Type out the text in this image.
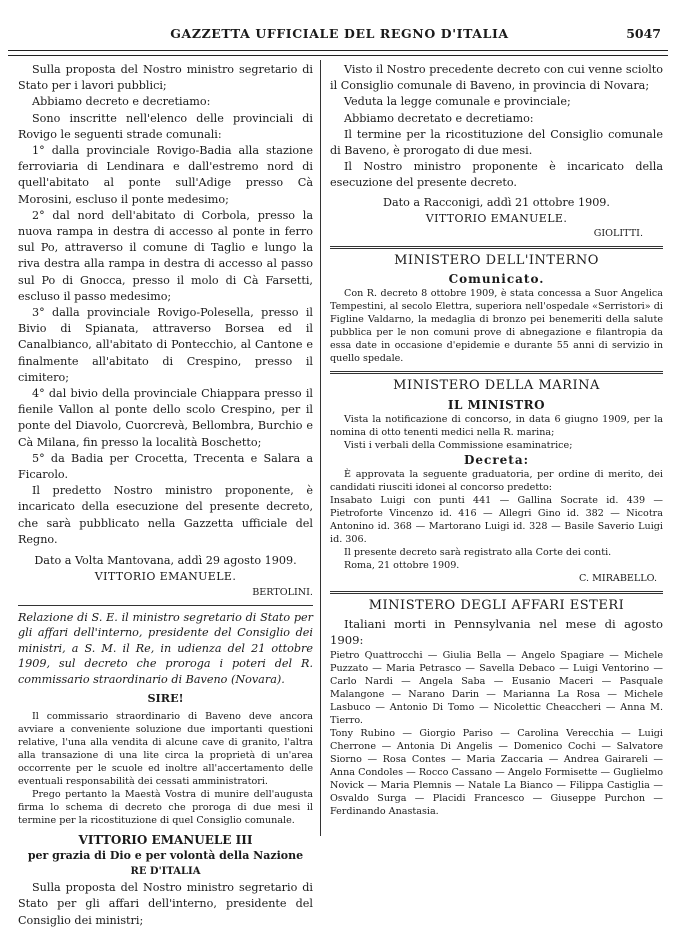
GAZZETTA UFFICIALE DEL REGNO D'ITALIA	5047

Sulla proposta del Nostro ministro segretario di Stato per i lavori pubblici;

Abbiamo decreto e decretiamo:

Sono inscritte nell'elenco delle provinciali di Rovigo le seguenti strade comunali:

1° dalla provinciale Rovigo-Badia alla stazione ferroviaria di Lendinara e dall'estremo nord di quell'abitato al ponte sull'Adige presso Cà Morosini, escluso il ponte medesimo;

2° dal nord dell'abitato di Corbola, presso la nuova rampa in destra di accesso al ponte in ferro sul Po, attraverso il comune di Taglio e lungo la riva destra alla rampa in destra di accesso al passo sul Po di Gnocca, presso il molo di Cà Farsetti, escluso il passo medesimo;

3° dalla provinciale Rovigo-Polesella, presso il Bivio di Spianata, attraverso Borsea ed il Canalbianco, all'abitato di Pontecchio, al Cantone e finalmente all'abitato di Crespino, presso il cimitero;

4° dal bivio della provinciale Chiappara presso il fienile Vallon al ponte dello scolo Crespino, per il ponte del Diavolo, Cuorcrevà, Bellombra, Burchio e Cà Milana, fin presso la località Boschetto;

5° da Badia per Crocetta, Trecenta e Salara a Ficarolo.

Il predetto Nostro ministro proponente, è incaricato della esecuzione del presente decreto, che sarà pubblicato nella Gazzetta ufficiale del Regno.

Dato a Volta Mantovana, addì 29 agosto 1909.

VITTORIO EMANUELE.

BERTOLINI.

Relazione di S. E. il ministro segretario di Stato per gli affari dell'interno, presidente del Consiglio dei ministri, a S. M. il Re, in udienza del 21 ottobre 1909, sul decreto che proroga i poteri del R. commissario straordinario di Baveno (Novara).

SIRE!

Il commissario straordinario di Baveno deve ancora avviare a conveniente soluzione due importanti questioni relative, l'una alla vendita di alcune cave di granito, l'altra alla transazione di una lite circa la proprietà di un'area occorrente per le scuole ed inoltre all'accertamento delle eventuali responsabilità dei cessati amministratori.

Prego pertanto la Maestà Vostra di munire dell'augusta firma lo schema di decreto che proroga di due mesi il termine per la ricostituzione di quel Consiglio comunale.

VITTORIO EMANUELE III

per grazia di Dio e per volontà della Nazione

RE D'ITALIA

Sulla proposta del Nostro ministro segretario di Stato per gli affari dell'interno, presidente del Consiglio dei ministri;

Visto il Nostro precedente decreto con cui venne sciolto il Consiglio comunale di Baveno, in provincia di Novara;

Veduta la legge comunale e provinciale;

Abbiamo decretato e decretiamo:

Il termine per la ricostituzione del Consiglio comunale di Baveno, è prorogato di due mesi.

Il Nostro ministro proponente è incaricato della esecuzione del presente decreto.

Dato a Racconigi, addì 21 ottobre 1909.

VITTORIO EMANUELE.

GIOLITTI.

MINISTERO DELL'INTERNO

Comunicato.

Con R. decreto 8 ottobre 1909, è stata concessa a Suor Angelica Tempestini, al secolo Elettra, superiora nell'ospedale «Serristori» di Figline Valdarno, la medaglia di bronzo pei benemeriti della salute pubblica per le non comuni prove di abnegazione e filantropia da essa date in occasione d'epidemie e durante 55 anni di servizio in quello spedale.

MINISTERO DELLA MARINA

IL MINISTRO

Vista la notificazione di concorso, in data 6 giugno 1909, per la nomina di otto tenenti medici nella R. marina;

Visti i verbali della Commissione esaminatrice;

Decreta:

È approvata la seguente graduatoria, per ordine di merito, dei candidati riusciti idonei al concorso predetto:

Insabato Luigi con punti 441 — Gallina Socrate id. 439 — Pietroforte Vincenzo id. 416 — Allegri Gino id. 382 — Nicotra Antonino id. 368 — Martorano Luigi id. 328 — Basile Saverio Luigi id. 306.

Il presente decreto sarà registrato alla Corte dei conti.

Roma, 21 ottobre 1909.

C. MIRABELLO.

MINISTERO DEGLI AFFARI ESTERI

Italiani morti in Pennsylvania nel mese di agosto 1909:

Pietro Quattrocchi — Giulia Bella — Angelo Spagiare — Michele Puzzato — Maria Petrasco — Savella Debaco — Luigi Ventorino — Carlo Nardi — Angela Saba — Eusanio Maceri — Pasquale Malangone — Narano Darin — Marianna La Rosa — Michele Lasbuco — Antonio Di Tomo — Nicolettic Cheaccheri — Anna M. Tierro.

Tony Rubino — Giorgio Pariso — Carolina Verecchia — Luigi Cherrone — Antonia Di Angelis — Domenico Cochi — Salvatore Siorno — Rosa Contes — Maria Zaccaria — Andrea Gairareli — Anna Condoles — Rocco Cassano — Angelo Formisette — Guglielmo Novick — Maria Plemnis — Natale La Bianco — Filippa Castiglia — Osvaldo Surga — Placidi Francesco — Giuseppe Purchon — Ferdinando Anastasia.
